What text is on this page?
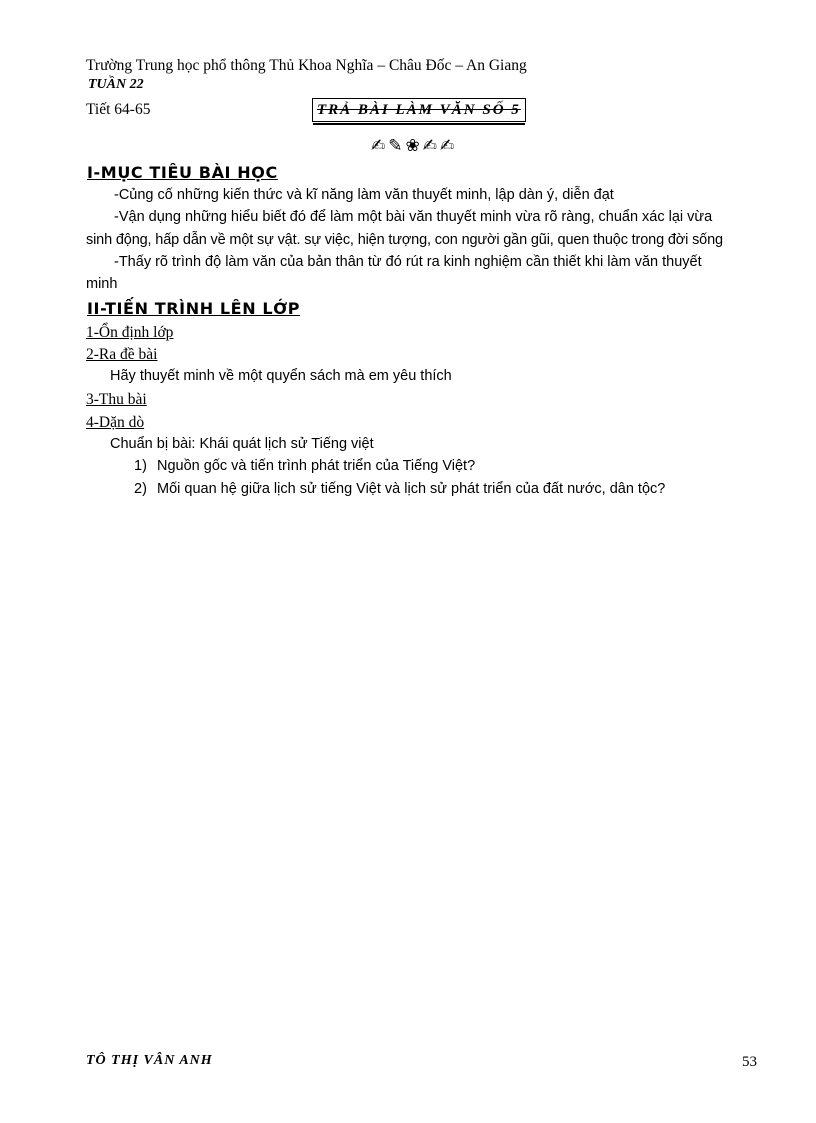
Trường Trung học phổ thông Thủ Khoa Nghĩa – Châu Đốc – An Giang
TUẦN 22
Tiết 64-65	TRẢ BÀI LÀM VĂN SỐ 5
✍✎❀✍✍
I-MỤC TIÊU BÀI HỌC
-Củng cố những kiến thức và kĩ năng làm văn thuyết minh, lập dàn ý, diễn đạt
-Vận dụng những hiểu biết đó để làm một bài văn thuyết minh vừa rõ ràng, chuẩn xác lại vừa
sinh động, hấp dẫn về một sự vật. sự việc, hiện tượng, con người gần gũi, quen thuộc trong đời sống
-Thấy rõ trình độ làm văn của bản thân từ đó rút ra kinh nghiệm cần thiết khi làm văn thuyết
minh
II-TIẾN TRÌNH LÊN LỚP
1-Ổn định lớp
2-Ra đề bài
Hãy thuyết minh về một quyển sách mà em yêu thích
3-Thu bài
4-Dặn dò
Chuẩn bị bài: Khái quát lịch sử Tiếng việt
1) Nguồn gốc và tiến trình phát triển của Tiếng Việt?
2) Mối quan hệ giữa lịch sử tiếng Việt và lịch sử phát triển của đất nước, dân tộc?
TÔ THỊ VÂN ANH	53
